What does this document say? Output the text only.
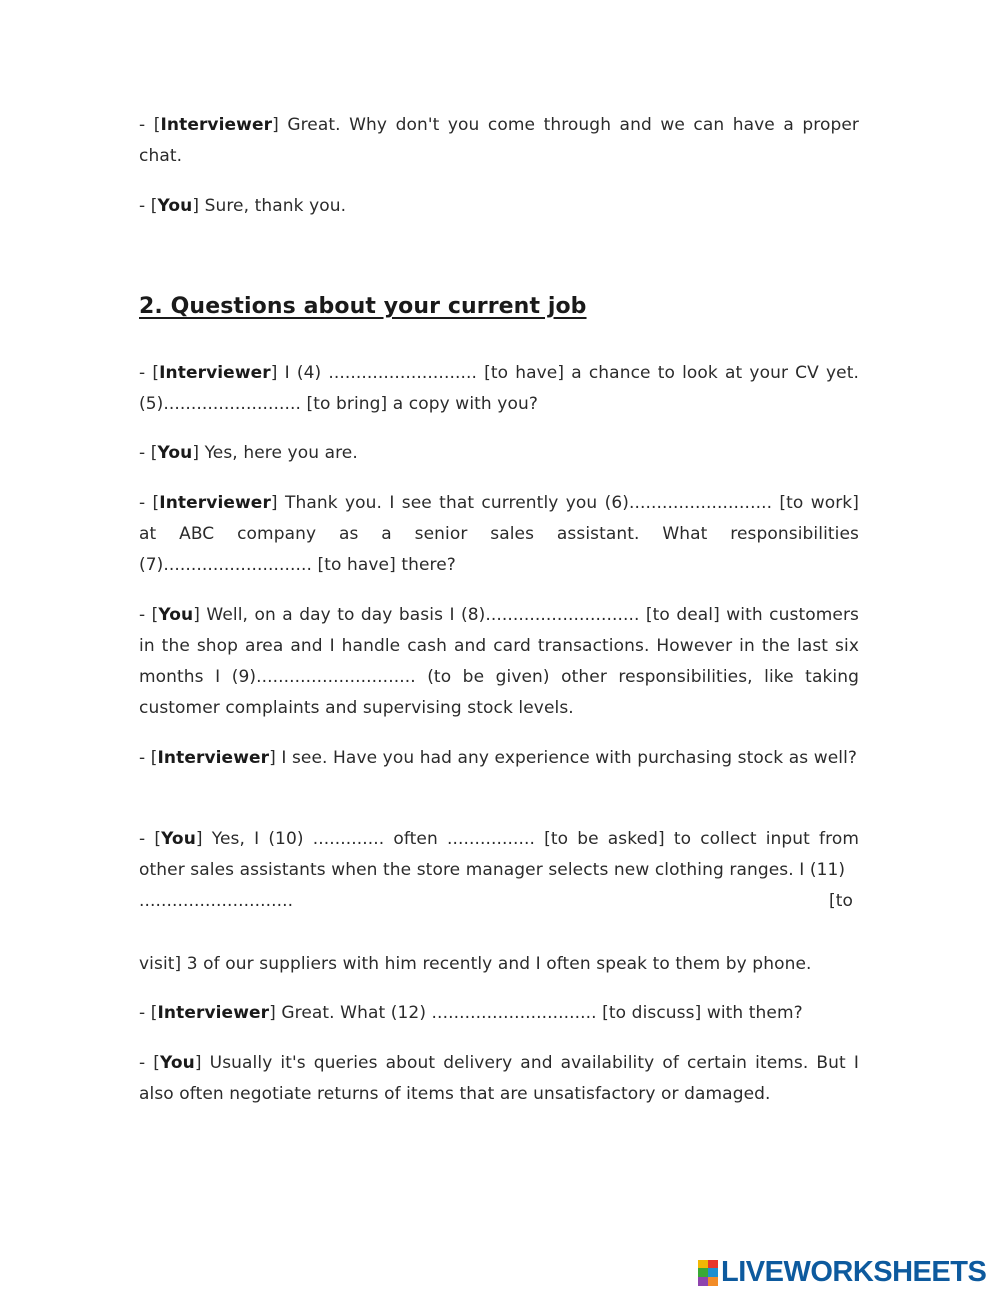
- [Interviewer] Great. Why don't you come through and we can have a proper chat.
- [You] Sure, thank you.
2. Questions about your current job
- [Interviewer] I (4) ........................... [to have] a chance to look at your CV yet. (5)......................... [to bring] a copy with you?
- [You] Yes, here you are.
- [Interviewer] Thank you. I see that currently you (6).......................... [to work] at ABC company as a senior sales assistant. What responsibilities (7)........................... [to have] there?
- [You] Well, on a day to day basis I (8)............................ [to deal] with customers in the shop area and I handle cash and card transactions. However in the last six months I (9)............................. (to be given) other responsibilities, like taking customer complaints and supervising stock levels.
- [Interviewer] I see. Have you had any experience with purchasing stock as well?
- [You] Yes, I (10) ............. often ................ [to be asked] to collect input from other sales assistants when the store manager selects new clothing ranges. I (11)
............................	[to
visit] 3 of our suppliers with him recently and I often speak to them by phone.
- [Interviewer] Great. What (12) .............................. [to discuss] with them?
- [You] Usually it's queries about delivery and availability of certain items. But I also often negotiate returns of items that are unsatisfactory or damaged.
LIVEWORKSHEETS
